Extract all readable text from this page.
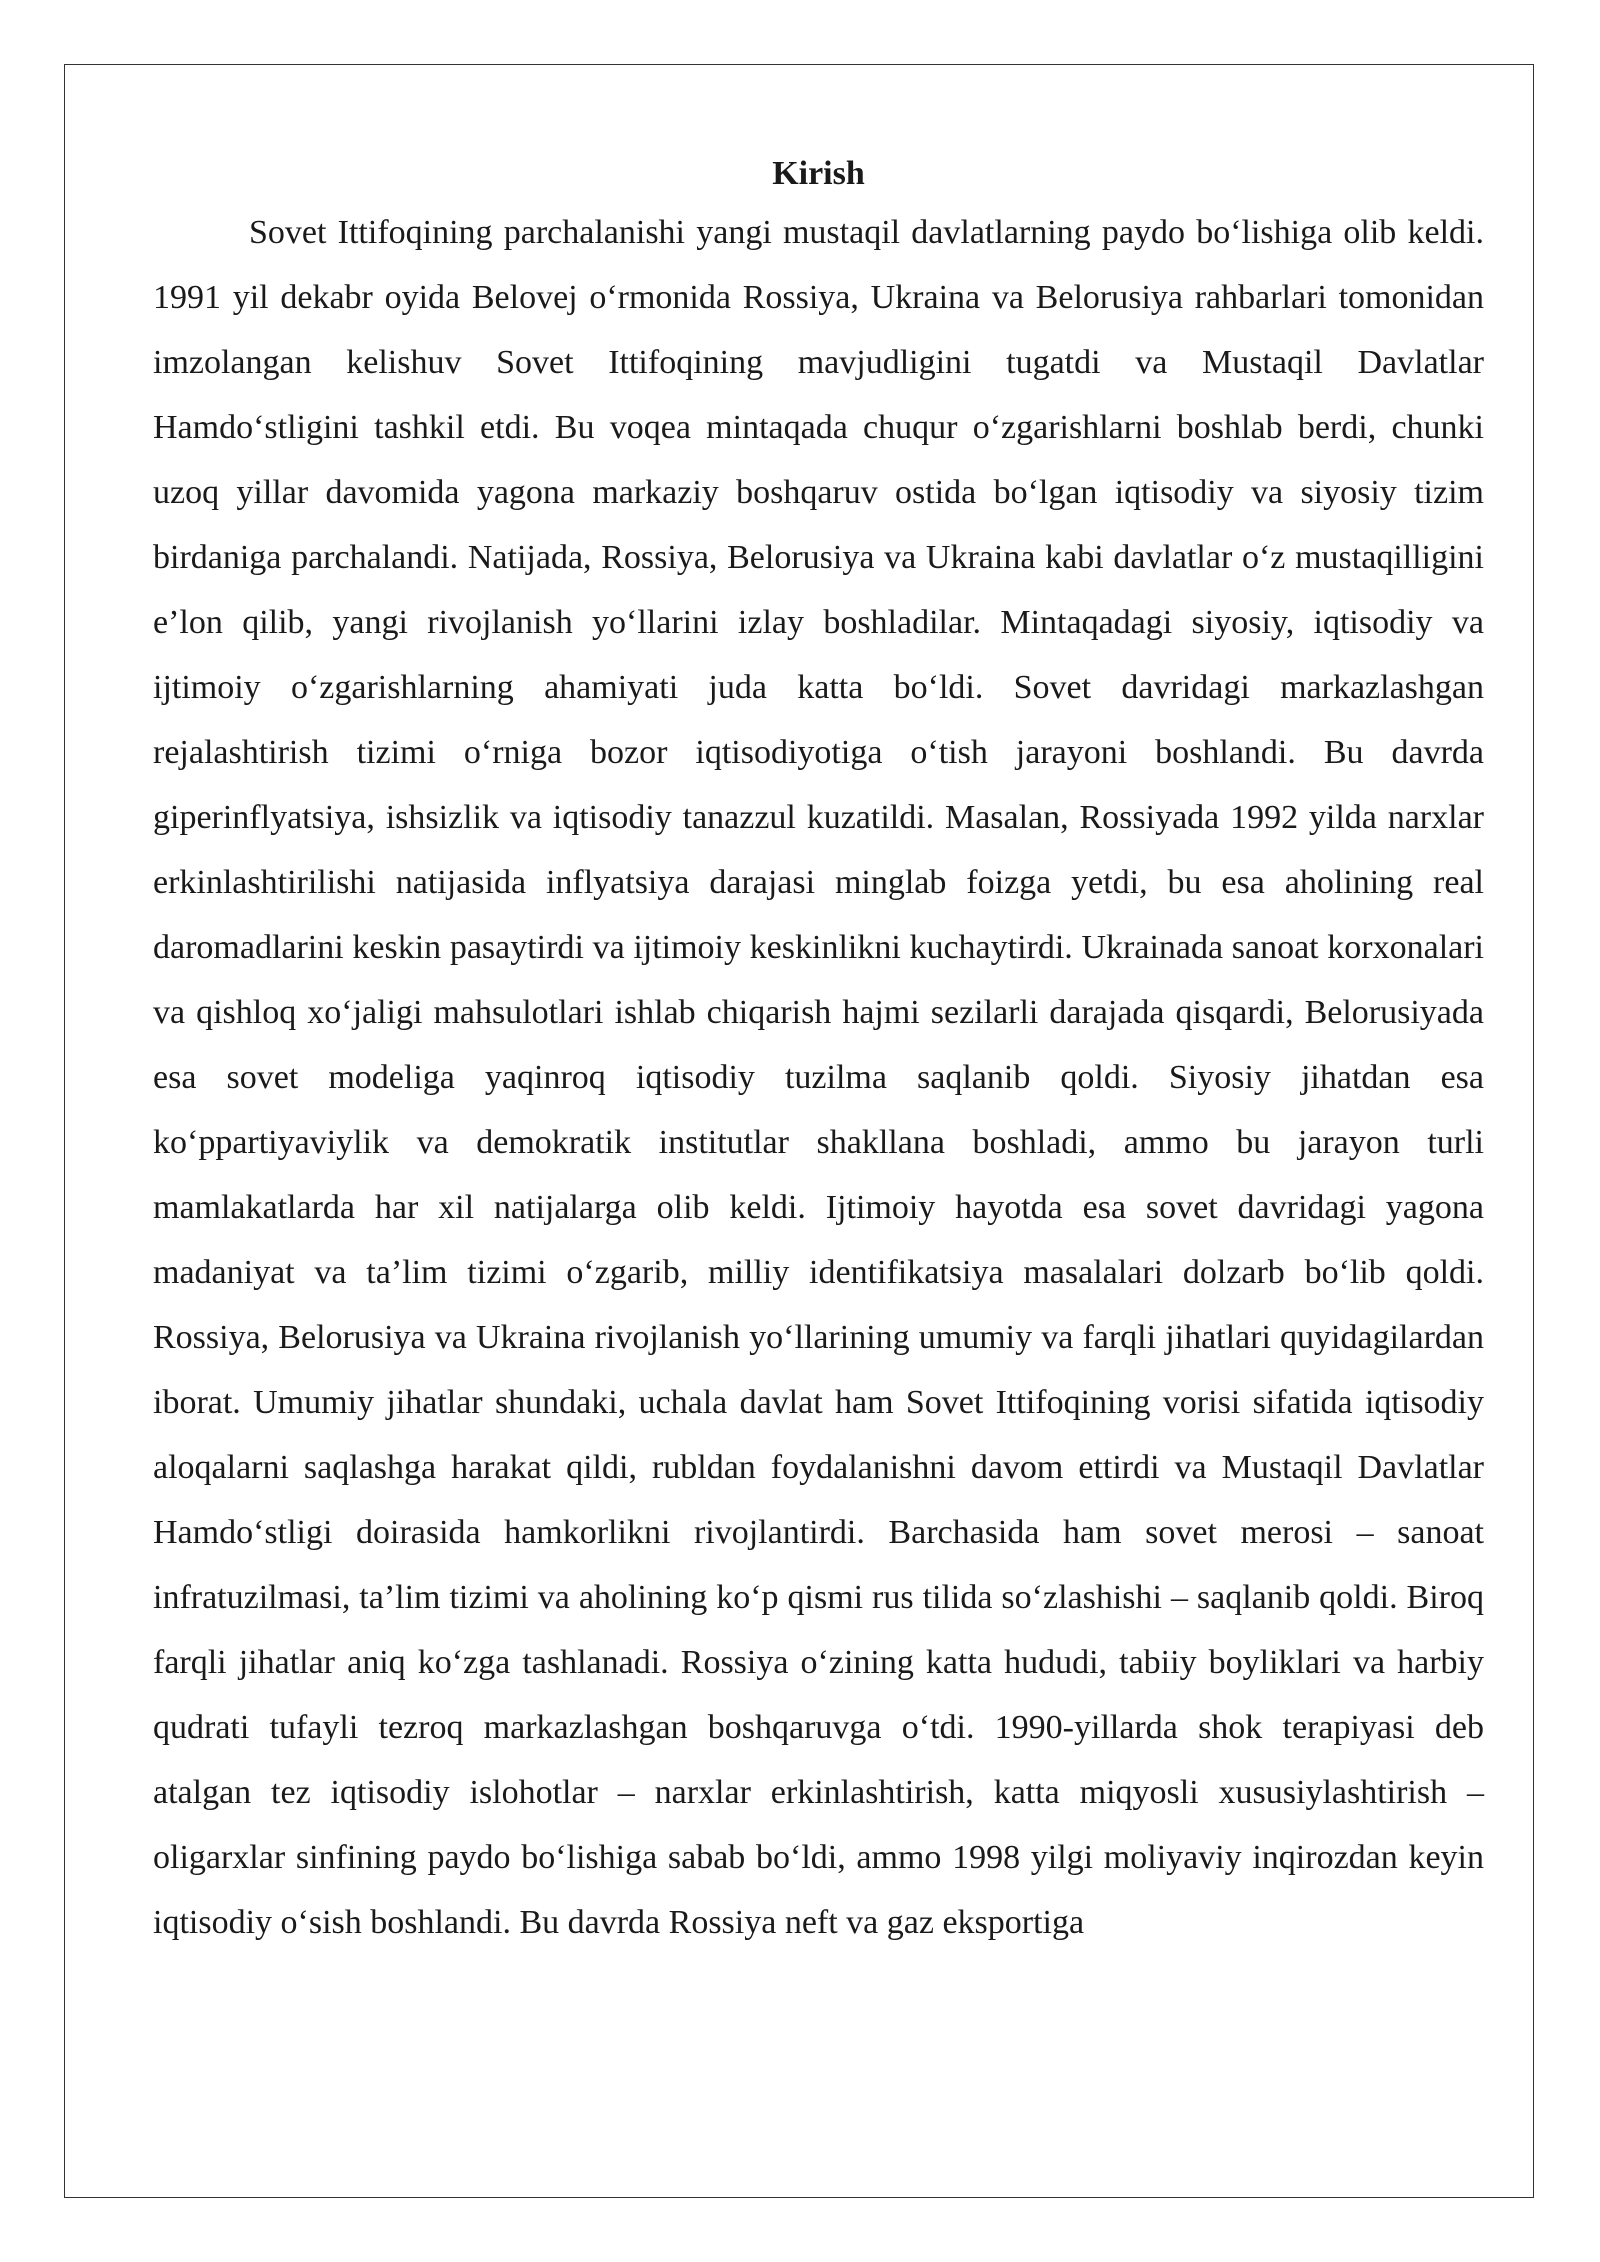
Kirish

Sovet Ittifoqining parchalanishi yangi mustaqil davlatlarning paydo bo‘lishiga olib keldi. 1991 yil dekabr oyida Belovej o‘rmonida Rossiya, Ukraina va Belorusiya rahbarlari tomonidan imzolangan kelishuv Sovet Ittifoqining mavjudligini tugatdi va Mustaqil Davlatlar Hamdo‘stligini tashkil etdi. Bu voqea mintaqada chuqur o‘zgarishlarni boshlab berdi, chunki uzoq yillar davomida yagona markaziy boshqaruv ostida bo‘lgan iqtisodiy va siyosiy tizim birdaniga parchalandi. Natijada, Rossiya, Belorusiya va Ukraina kabi davlatlar o‘z mustaqilligini e’lon qilib, yangi rivojlanish yo‘llarini izlay boshladilar. Mintaqadagi siyosiy, iqtisodiy va ijtimoiy o‘zgarishlarning ahamiyati juda katta bo‘ldi. Sovet davridagi markazlashgan rejalashtirish tizimi o‘rniga bozor iqtisodiyotiga o‘tish jarayoni boshlandi. Bu davrda giperinflyatsiya, ishsizlik va iqtisodiy tanazzul kuzatildi. Masalan, Rossiyada 1992 yilda narxlar erkinlashtirilishi natijasida inflyatsiya darajasi minglab foizga yetdi, bu esa aholining real daromadlarini keskin pasaytirdi va ijtimoiy keskinlikni kuchaytirdi. Ukrainada sanoat korxonalari va qishloq xo‘jaligi mahsulotlari ishlab chiqarish hajmi sezilarli darajada qisqardi, Belorusiyada esa sovet modeliga yaqinroq iqtisodiy tuzilma saqlanib qoldi. Siyosiy jihatdan esa ko‘ppartiyaviylik va demokratik institutlar shakllana boshladi, ammo bu jarayon turli mamlakatlarda har xil natijalarga olib keldi. Ijtimoiy hayotda esa sovet davridagi yagona madaniyat va ta’lim tizimi o‘zgarib, milliy identifikatsiya masalalari dolzarb bo‘lib qoldi. Rossiya, Belorusiya va Ukraina rivojlanish yo‘llarining umumiy va farqli jihatlari quyidagilardan iborat. Umumiy jihatlar shundaki, uchala davlat ham Sovet Ittifoqining vorisi sifatida iqtisodiy aloqalarni saqlashga harakat qildi, rubldan foydalanishni davom ettirdi va Mustaqil Davlatlar Hamdo‘stligi doirasida hamkorlikni rivojlantirdi. Barchasida ham sovet merosi – sanoat infratuzilmasi, ta’lim tizimi va aholining ko‘p qismi rus tilida so‘zlashishi – saqlanib qoldi. Biroq farqli jihatlar aniq ko‘zga tashlanadi. Rossiya o‘zining katta hududi, tabiiy boyliklari va harbiy qudrati tufayli tezroq markazlashgan boshqaruvga o‘tdi. 1990-yillarda shok terapiyasi deb atalgan tez iqtisodiy islohotlar – narxlar erkinlashtirish, katta miqyosli xususiylashtirish – oligarxlar sinfining paydo bo‘lishiga sabab bo‘ldi, ammo 1998 yilgi moliyaviy inqirozdan keyin iqtisodiy o‘sish boshlandi. Bu davrda Rossiya neft va gaz eksportiga
